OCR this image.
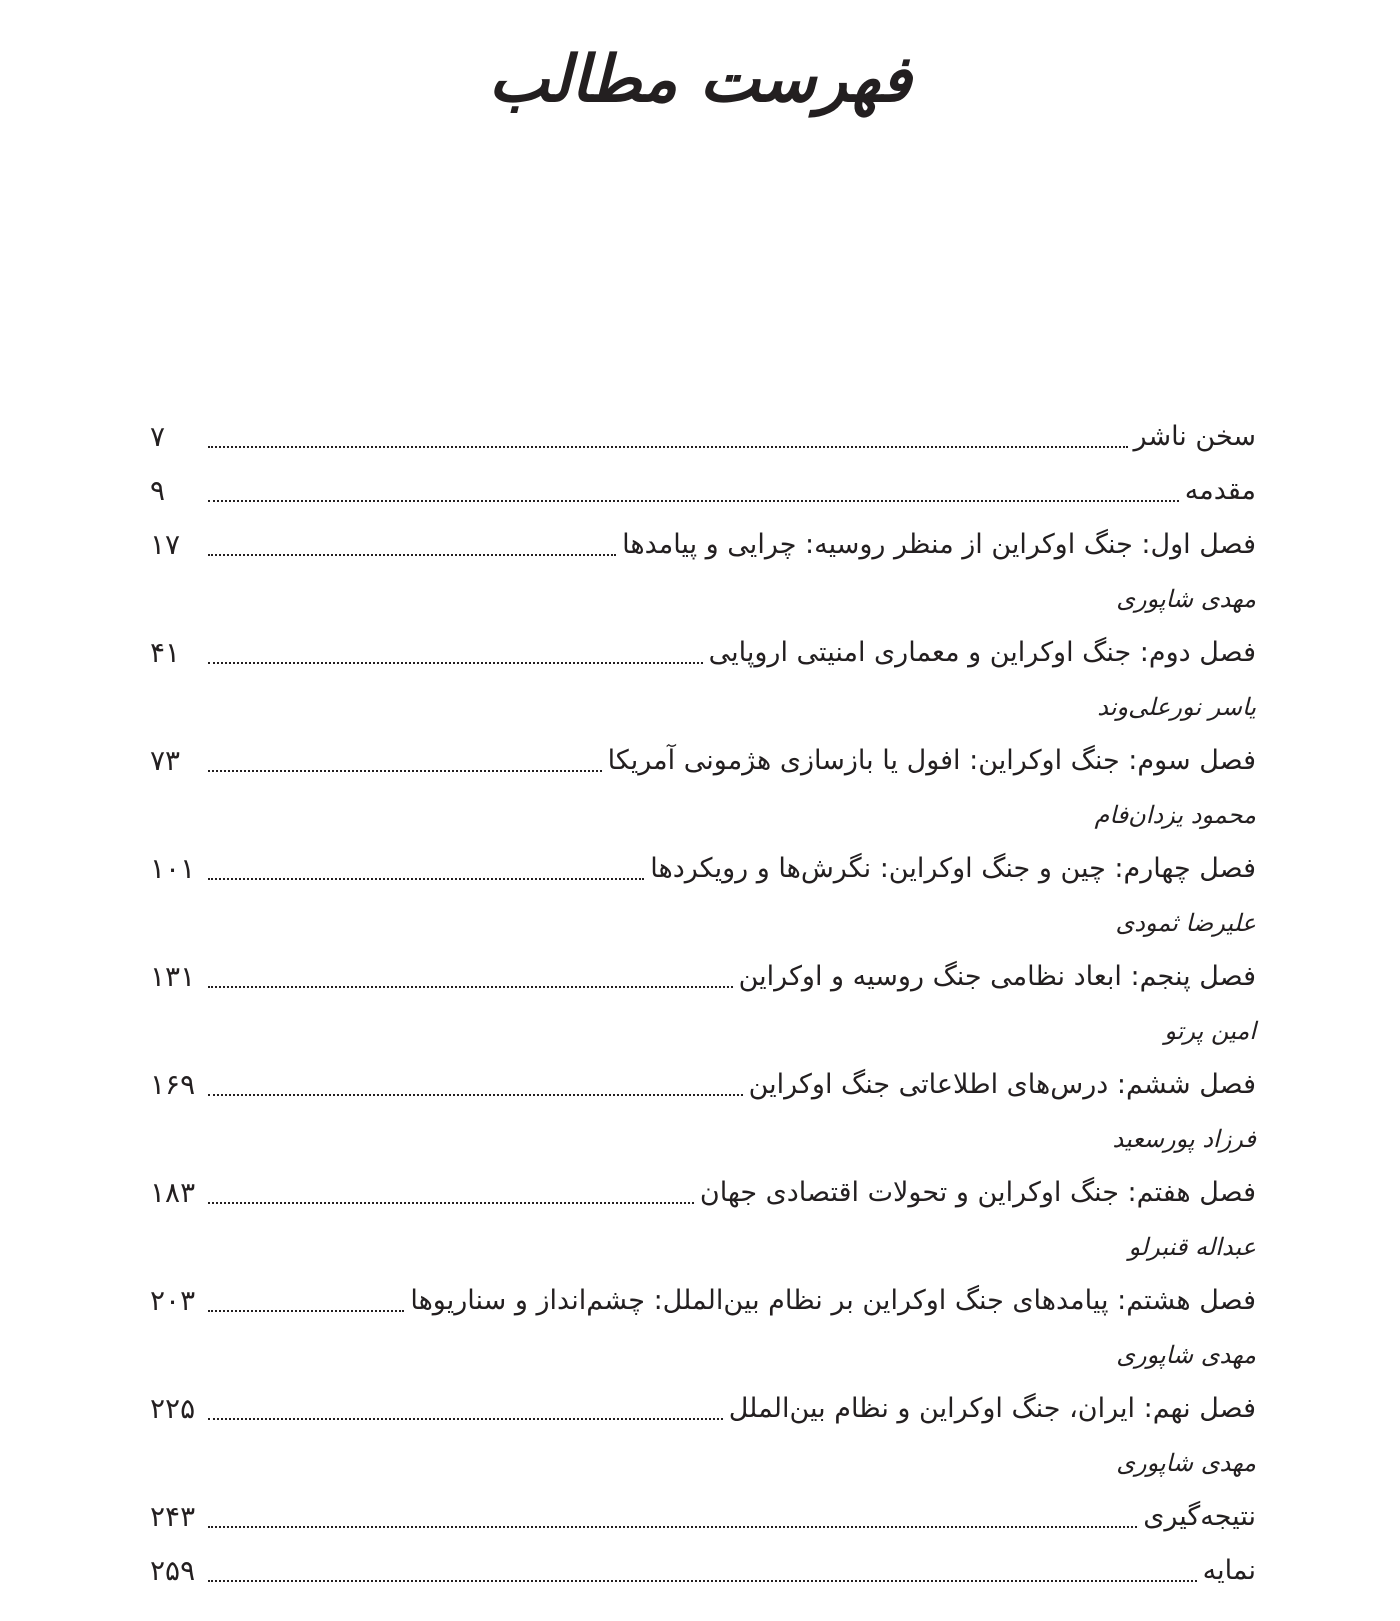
فهرست مطالب
سخن ناشر
۷
مقدمه
۹
فصل اول: جنگ اوکراین از منظر روسیه: چرایی و پیامدها
۱۷
مهدی شاپوری
فصل دوم: جنگ اوکراین و معماری امنیتی اروپایی
۴۱
یاسر نورعلی‌وند
فصل سوم: جنگ اوکراین: افول یا بازسازی هژمونی آمریکا
۷۳
محمود یزدان‌فام
فصل چهارم: چین و جنگ اوکراین: نگرش‌ها و رویکردها
۱۰۱
علیرضا ثمودی
فصل پنجم: ابعاد نظامی جنگ روسیه و اوکراین
۱۳۱
امین پرتو
فصل ششم: درس‌های اطلاعاتی جنگ اوکراین
۱۶۹
فرزاد پورسعید
فصل هفتم: جنگ اوکراین و تحولات اقتصادی جهان
۱۸۳
عبداله قنبرلو
فصل هشتم: پیامدهای جنگ اوکراین بر نظام بین‌الملل: چشم‌انداز و سناریوها
۲۰۳
مهدی شاپوری
فصل نهم: ایران، جنگ اوکراین و نظام بین‌الملل
۲۲۵
مهدی شاپوری
نتیجه‌گیری
۲۴۳
نمایه
۲۵۹
